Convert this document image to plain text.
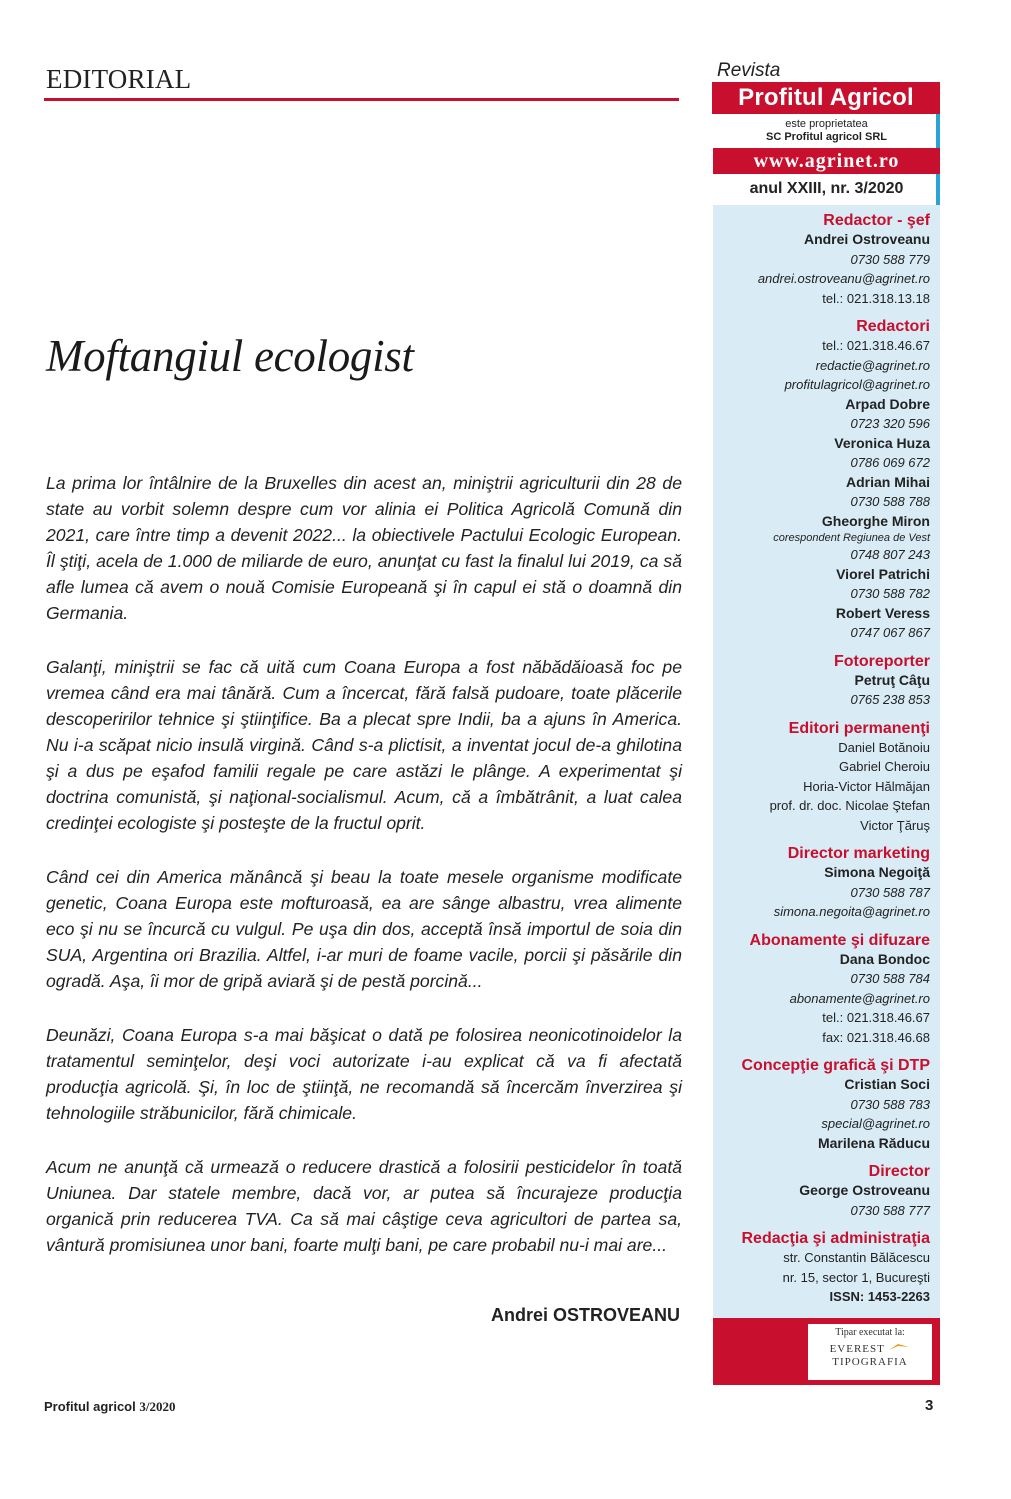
EDITORIAL
Moftangiul ecologist

La prima lor întâlnire de la Bruxelles din acest an, miniştrii agriculturii din 28 de state au vorbit solemn despre cum vor alinia ei Politica Agricolă Comună din 2021, care între timp a devenit 2022... la obiectivele Pactului Ecologic European. Îl ştiţi, acela de 1.000 de miliarde de euro, anunţat cu fast la finalul lui 2019, ca să afle lumea că avem o nouă Comisie Europeană şi în capul ei stă o doamnă din Germania.

Galanţi, miniştrii se fac că uită cum Coana Europa a fost năbădăioasă foc pe vremea când era mai tânără. Cum a încercat, fără falsă pudoare, toate plăcerile descoperirilor tehnice şi ştiinţifice. Ba a plecat spre Indii, ba a ajuns în America. Nu i-a scăpat nicio insulă virgină. Când s-a plictisit, a inventat jocul de-a ghilotina şi a dus pe eşafod familii regale pe care astăzi le plânge. A experimentat şi doctrina comunistă, şi naţional-socialismul. Acum, că a îmbătrânit, a luat calea credinţei ecologiste şi posteşte de la fructul oprit.

Când cei din America mănâncă şi beau la toate mesele organisme modificate genetic, Coana Europa este mofturoasă, ea are sânge albastru, vrea alimente eco şi nu se încurcă cu vulgul. Pe uşa din dos, acceptă însă importul de soia din SUA, Argentina ori Brazilia. Altfel, i-ar muri de foame vacile, porcii şi păsările din ogradă. Aşa, îi mor de gripă aviară şi de pestă porcină...

Deunăzi, Coana Europa s-a mai băşicat o dată pe folosirea neonicotinoidelor la tratamentul seminţelor, deşi voci autorizate i-au explicat că va fi afectată producţia agricolă. Şi, în loc de ştiinţă, ne recomandă să încercăm înverzirea şi tehnologiile străbunicilor, fără chimicale.

Acum ne anunţă că urmează o reducere drastică a folosirii pesticidelor în toată Uniunea. Dar statele membre, dacă vor, ar putea să încurajeze producţia organică prin reducerea TVA. Ca să mai câştige ceva agricultori de partea sa, vântură promisiunea unor bani, foarte mulţi bani, pe care probabil nu-i mai are...

Andrei OSTROVEANU
Revista
Profitul Agricol
este proprietatea
SC Profitul agricol SRL
www.agrinet.ro
anul XXIII, nr. 3/2020
Redactor - şef
Andrei Ostroveanu
0730 588 779
andrei.ostroveanu@agrinet.ro
tel.: 021.318.13.18
Redactori
tel.: 021.318.46.67
redactie@agrinet.ro
profitulagricol@agrinet.ro
Arpad Dobre
0723 320 596
Veronica Huza
0786 069 672
Adrian Mihai
0730 588 788
Gheorghe Miron
corespondent Regiunea de Vest
0748 807 243
Viorel Patrichi
0730 588 782
Robert Veress
0747 067 867
Fotoreporter
Petruţ Câţu
0765 238 853
Editori permanenţi
Daniel Botănoiu
Gabriel Cheroiu
Horia-Victor Hălmăjan
prof. dr. doc. Nicolae Ştefan
Victor Ţăruş
Director marketing
Simona Negoiţă
0730 588 787
simona.negoita@agrinet.ro
Abonamente şi difuzare
Dana Bondoc
0730 588 784
abonamente@agrinet.ro
tel.: 021.318.46.67
fax: 021.318.46.68
Concepţie grafică şi DTP
Cristian Soci
0730 588 783
special@agrinet.ro
Marilena Răducu
Director
George Ostroveanu
0730 588 777
Redacţia şi administraţia
str. Constantin Bălăcescu
nr. 15, sector 1, Bucureşti
ISSN: 1453-2263
Tipar executat la:
EVEREST
TIPOGRAFIA
Profitul agricol 3/2020	3
